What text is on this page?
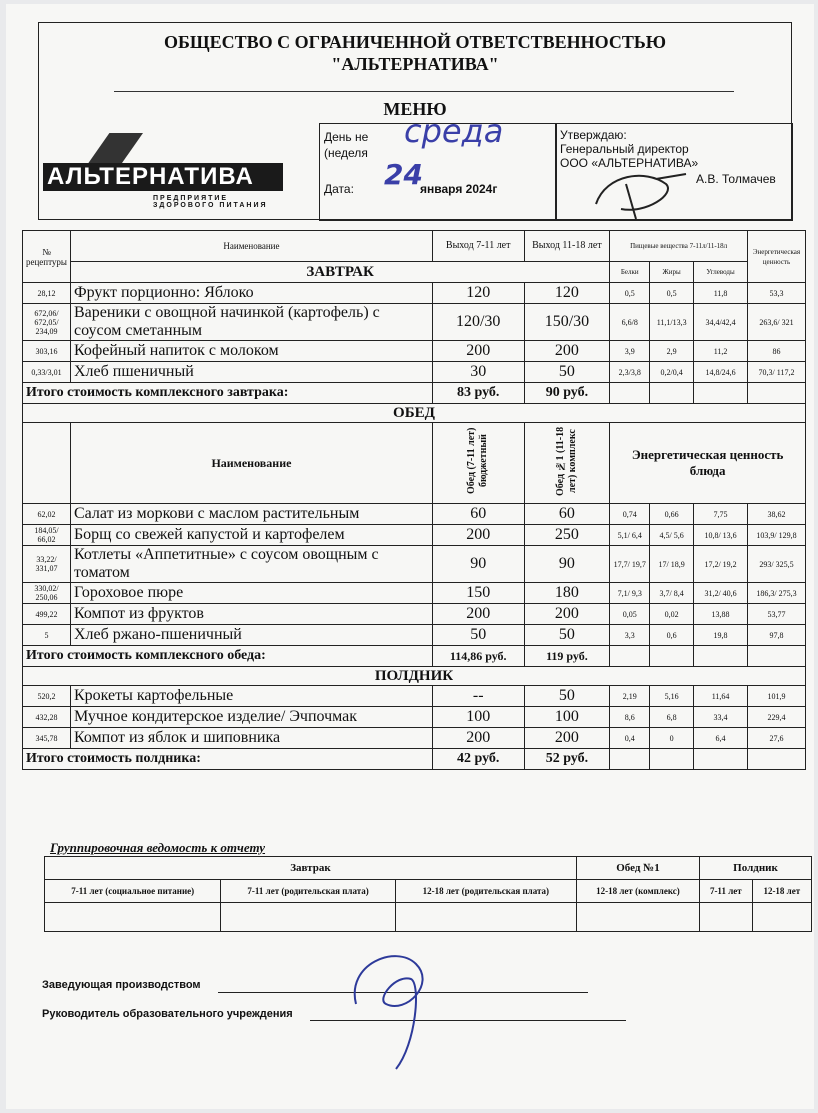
ОБЩЕСТВО С ОГРАНИЧЕННОЙ ОТВЕТСТВЕННОСТЬЮ
"АЛЬТЕРНАТИВА"
МЕНЮ
АЛЬТЕРНАТИВА
ПРЕДПРИЯТИЕ ЗДОРОВОГО ПИТАНИЯ
День не
(неделя
среда
Дата: 24
января 2024г
Утверждаю:
Генеральный директор
ООО «АЛЬТЕРНАТИВА»
А.В. Толмачев
№ рецептуры	Наименование	Выход 7-11 лет	Выход 11-18 лет	Пищевые вещества 7-11л/11-18л			Энергетическая ценность
	ЗАВТРАК			Белки	Жиры	Углеводы	
28,12	Фрукт порционно: Яблоко	120	120	0,5	0,5	11,8	53,3
672,06/ 672,05/ 234,09	Вареники с овощной начинкой (картофель) с соусом сметанным	120/30	150/30	6,6/8	11,1/13,3	34,4/42,4	263,6/ 321
303,16	Кофейный напиток с молоком	200	200	3,9	2,9	11,2	86
0,33/3,01	Хлеб пшеничный	30	50	2,3/3,8	0,2/0,4	14,8/24,6	70,3/ 117,2
Итого стоимость комплексного завтрака:		83 руб.	90 руб.				
ОБЕД							
	Наименование	Обед (7-11 лет) бюджетный	Обед №1 (11-18 лет) комплекс	Энергетическая ценность блюда			
62,02	Салат из моркови с маслом растительным	60	60	0,74	0,66	7,75	38,62
184,05/ 66,02	Борщ со свежей капустой и картофелем	200	250	5,1/ 6,4	4,5/ 5,6	10,8/ 13,6	103,9/ 129,8
33,22/ 331,07	Котлеты «Аппетитные» с соусом овощным с томатом	90	90	17,7/ 19,7	17/ 18,9	17,2/ 19,2	293/ 325,5
330,02/ 250,06	Гороховое пюре	150	180	7,1/ 9,3	3,7/ 8,4	31,2/ 40,6	186,3/ 275,3
499,22	Компот из фруктов	200	200	0,05	0,02	13,88	53,77
5	Хлеб ржано-пшеничный	50	50	3,3	0,6	19,8	97,8
Итого стоимость комплексного обеда:		114,86 руб.	119 руб.				
ПОЛДНИК							
520,2	Крокеты картофельные	--	50	2,19	5,16	11,64	101,9
432,28	Мучное кондитерское изделие/ Эчпочмак	100	100	8,6	6,8	33,4	229,4
345,78	Компот из яблок и шиповника	200	200	0,4	0	6,4	27,6
Итого стоимость полдника:		42 руб.	52 руб.				
Группировочная ведомость к отчету
Завтрак			Обед №1	Полдник	
7-11 лет (социальное питание)	7-11 лет (родительская плата)	12-18 лет (родительская плата)	12-18 лет (комплекс)	7-11 лет	12-18 лет

Заведующая производством
Руководитель образовательного учреждения
